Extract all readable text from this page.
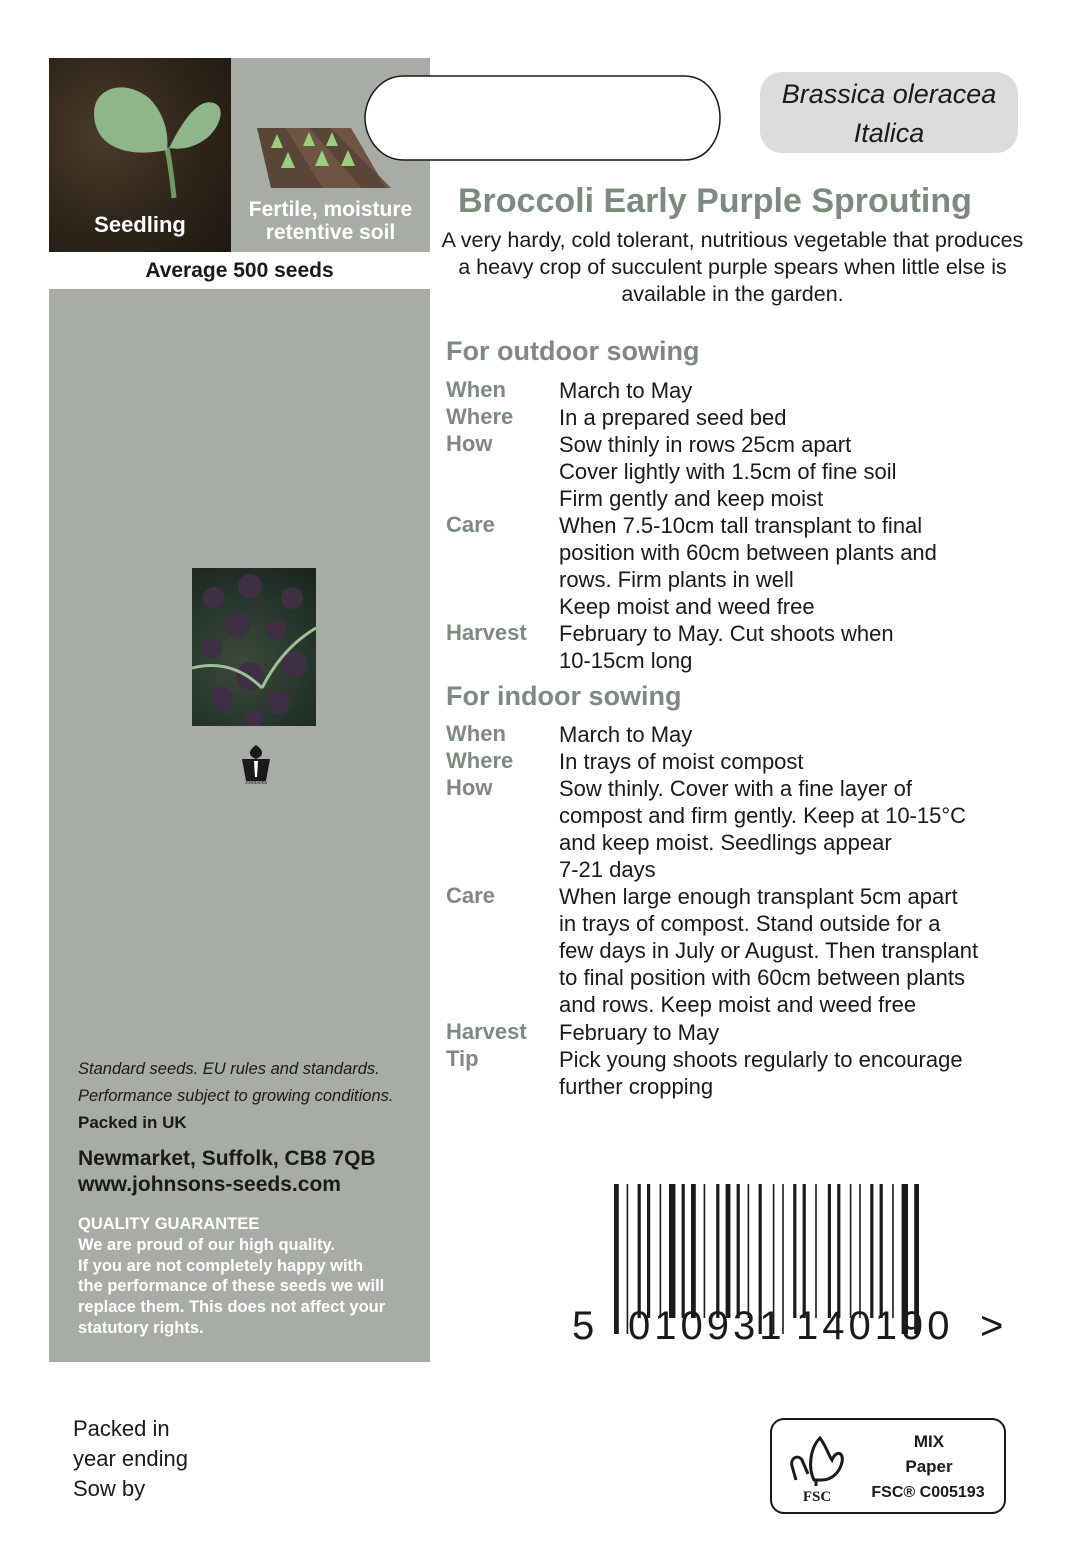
Seedling
Fertile, moisture
retentive soil
Average 500 seeds
Johnsons
Standard seeds. EU rules and standards.
Performance subject to growing conditions.
Packed in UK
Newmarket, Suffolk, CB8 7QB
www.johnsons-seeds.com
QUALITY GUARANTEE
We are proud of our high quality.
If you are not completely happy with
the performance of these seeds we will
replace them. This does not affect your
statutory rights.
Packed in
year ending
Sow by
Brassica oleracea
Italica
Broccoli Early Purple Sprouting
A very hardy, cold tolerant, nutritious vegetable that produces a heavy crop of succulent purple spears when little else is available in the garden.
For outdoor sowing
When March to May
Where In a prepared seed bed
How	Sow thinly in rows 25cm apart
Cover lightly with 1.5cm of fine soil
Firm gently and keep moist
Care	When 7.5-10cm tall transplant to final
position with 60cm between plants and
rows. Firm plants in well
Keep moist and weed free
Harvest February to May. Cut shoots when
10-15cm long
For indoor sowing
When March to May
Where In trays of moist compost
How	Sow thinly. Cover with a fine layer of
compost and firm gently. Keep at 10-15°C
and keep moist. Seedlings appear
7-21 days
Care	When large enough transplant 5cm apart
in trays of compost. Stand outside for a
few days in July or August. Then transplant
to final position with 60cm between plants
and rows. Keep moist and weed free
Harvest February to May
Tip	Pick young shoots regularly to encourage
further cropping
5 010931 140190 >
FSC
MIX
Paper
FSC® C005193
